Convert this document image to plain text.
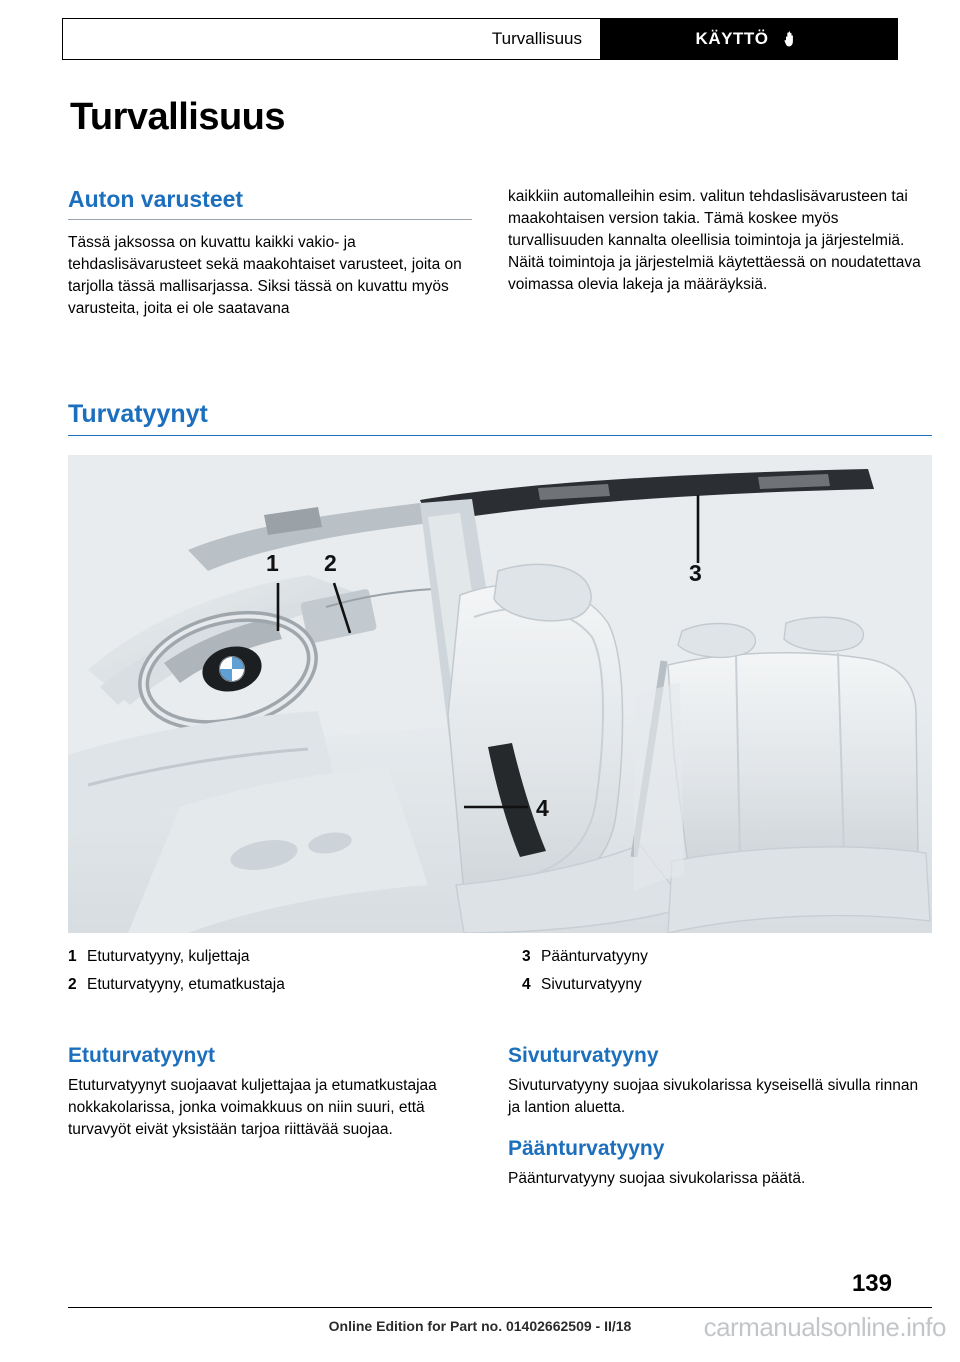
Turvallisuus	KÄYTTÖ
Turvallisuus
Auton varusteet

Tässä jaksossa on kuvattu kaikki vakio- ja tehdaslisävarusteet sekä maakohtaiset varusteet, joita on tarjolla tässä mallisarjassa. Siksi tässä on kuvattu myös varusteita, joita ei ole saatavana

kaikkiin automalleihin esim. valitun tehdaslisävarusteen tai maakohtaisen version takia. Tämä koskee myös turvallisuuden kannalta oleellisia toimintoja ja järjestelmiä. Näitä toimintoja ja järjestelmiä käytettäessä on noudatettava voimassa olevia lakeja ja määräyksiä.

Turvatyynyt
1 2	3
4
1 Etuturvatyyny, kuljettaja
2 Etuturvatyyny, etumatkustaja
3 Päänturvatyyny
4 Sivuturvatyyny
Etuturvatyynyt

Etuturvatyynyt suojaavat kuljettajaa ja etumatkustajaa nokkakolarissa, jonka voimakkuus on niin suuri, että turvavyöt eivät yksistään tarjoa riittävää suojaa.

Sivuturvatyyny

Sivuturvatyyny suojaa sivukolarissa kyseisellä sivulla rinnan ja lantion aluetta.

Päänturvatyyny

Päänturvatyyny suojaa sivukolarissa päätä.

139
Online Edition for Part no. 01402662509 - II/18	carmanualsonline.info
